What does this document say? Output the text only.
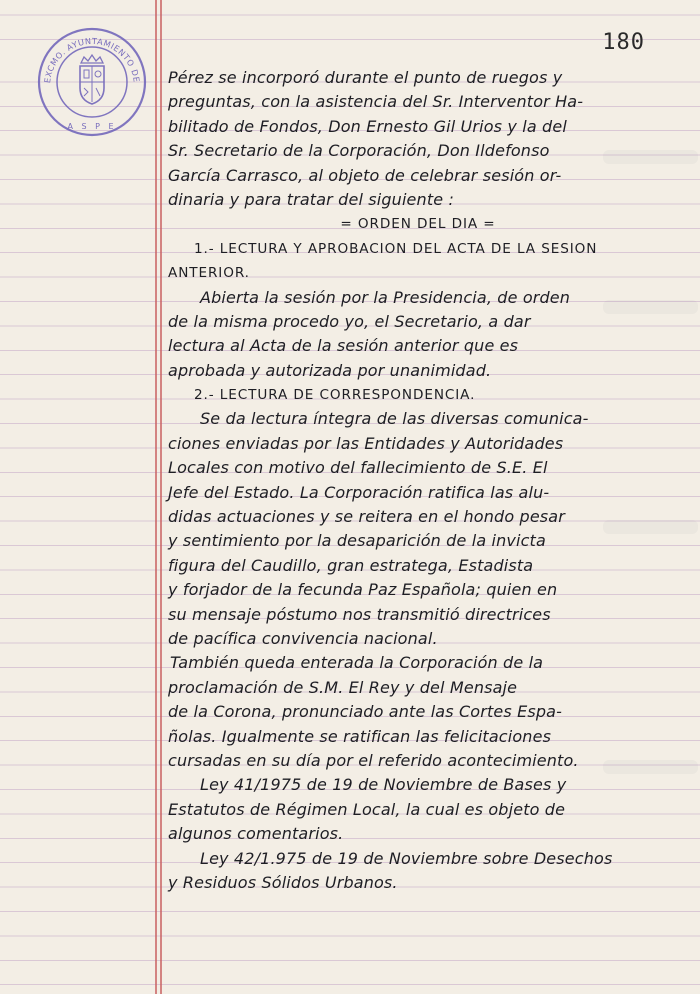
180
EXCMO. AYUNTAMIENTO DE
A S P E
Pérez se incorporó durante el punto de ruegos y
preguntas, con la asistencia del Sr. Interventor Ha-
bilitado de Fondos, Don Ernesto Gil Urios y la del
Sr. Secretario de la Corporación, Don Ildefonso
García Carrasco, al objeto de celebrar sesión or-
dinaria y para tratar del siguiente :
= ORDEN DEL DIA =
1.- LECTURA Y APROBACION DEL ACTA DE LA SESION
ANTERIOR.
Abierta la sesión por la Presidencia, de orden
de la misma procedo yo, el Secretario, a dar
lectura al Acta de la sesión anterior que es
aprobada y autorizada por unanimidad.
2.- LECTURA DE CORRESPONDENCIA.
Se da lectura íntegra de las diversas comunica-
ciones enviadas por las Entidades y Autoridades
Locales con motivo del fallecimiento de S.E. El
Jefe del Estado. La Corporación ratifica las alu-
didas actuaciones y se reitera en el hondo pesar
y sentimiento por la desaparición de la invicta
figura del Caudillo, gran estratega, Estadista
y forjador de la fecunda Paz Española; quien en
su mensaje póstumo nos transmitió directrices
de pacífica convivencia nacional.
También queda enterada la Corporación de la
proclamación de S.M. El Rey y del Mensaje
de la Corona, pronunciado ante las Cortes Espa-
ñolas. Igualmente se ratifican las felicitaciones
cursadas en su día por el referido acontecimiento.
Ley 41/1975 de 19 de Noviembre de Bases y
Estatutos de Régimen Local, la cual es objeto de
algunos comentarios.
Ley 42/1.975 de 19 de Noviembre sobre Desechos
y Residuos Sólidos Urbanos.
